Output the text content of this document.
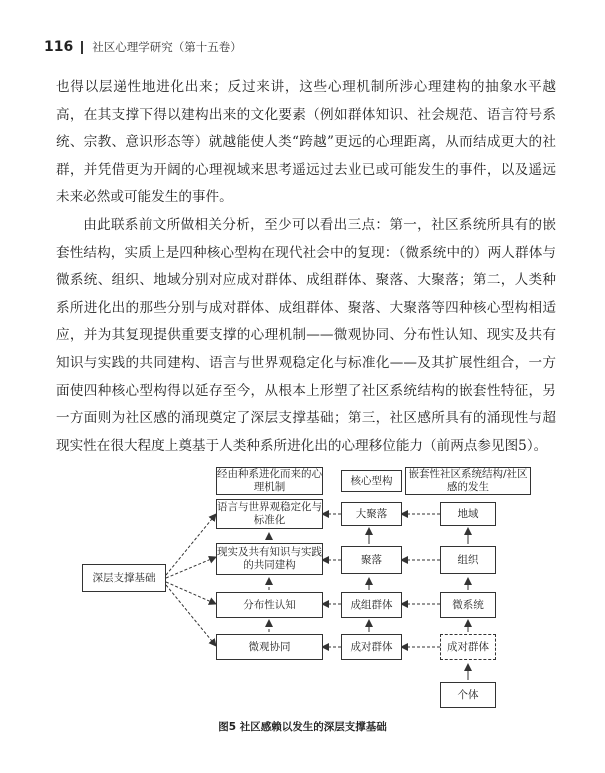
116 社区心理学研究（第十五卷）

也得以层递性地进化出来；反过来讲，这些心理机制所涉心理建构的抽象水平越高，在其支撑下得以建构出来的文化要素（例如群体知识、社会规范、语言符号系统、宗教、意识形态等）就越能使人类“跨越”更远的心理距离，从而结成更大的社群，并凭借更为开阔的心理视域来思考遥远过去业已或可能发生的事件，以及遥远未来必然或可能发生的事件。

由此联系前文所做相关分析，至少可以看出三点：第一，社区系统所具有的嵌套性结构，实质上是四种核心型构在现代社会中的复现：（微系统中的）两人群体与微系统、组织、地域分别对应成对群体、成组群体、聚落、大聚落；第二，人类种系所进化出的那些分别与成对群体、成组群体、聚落、大聚落等四种核心型构相适应，并为其复现提供重要支撑的心理机制——微观协同、分布性认知、现实及共有知识与实践的共同建构、语言与世界观稳定化与标准化——及其扩展性组合，一方面使四种核心型构得以延存至今，从根本上形塑了社区系统结构的嵌套性特征，另一方面则为社区感的涌现奠定了深层支撑基础；第三，社区感所具有的涌现性与超现实性在很大程度上奠基于人类种系所进化出的心理移位能力（前两点参见图5）。

经由种系进化而来的心理机制
核心型构
嵌套性社区系统结构/社区感的发生
深层支撑基础
语言与世界观稳定化与标准化
现实及共有知识与实践的共同建构
分布性认知
微观协同
大聚落
聚落
成组群体
成对群体
地域
组织
微系统
成对群体
个体
图5 社区感赖以发生的深层支撑基础
